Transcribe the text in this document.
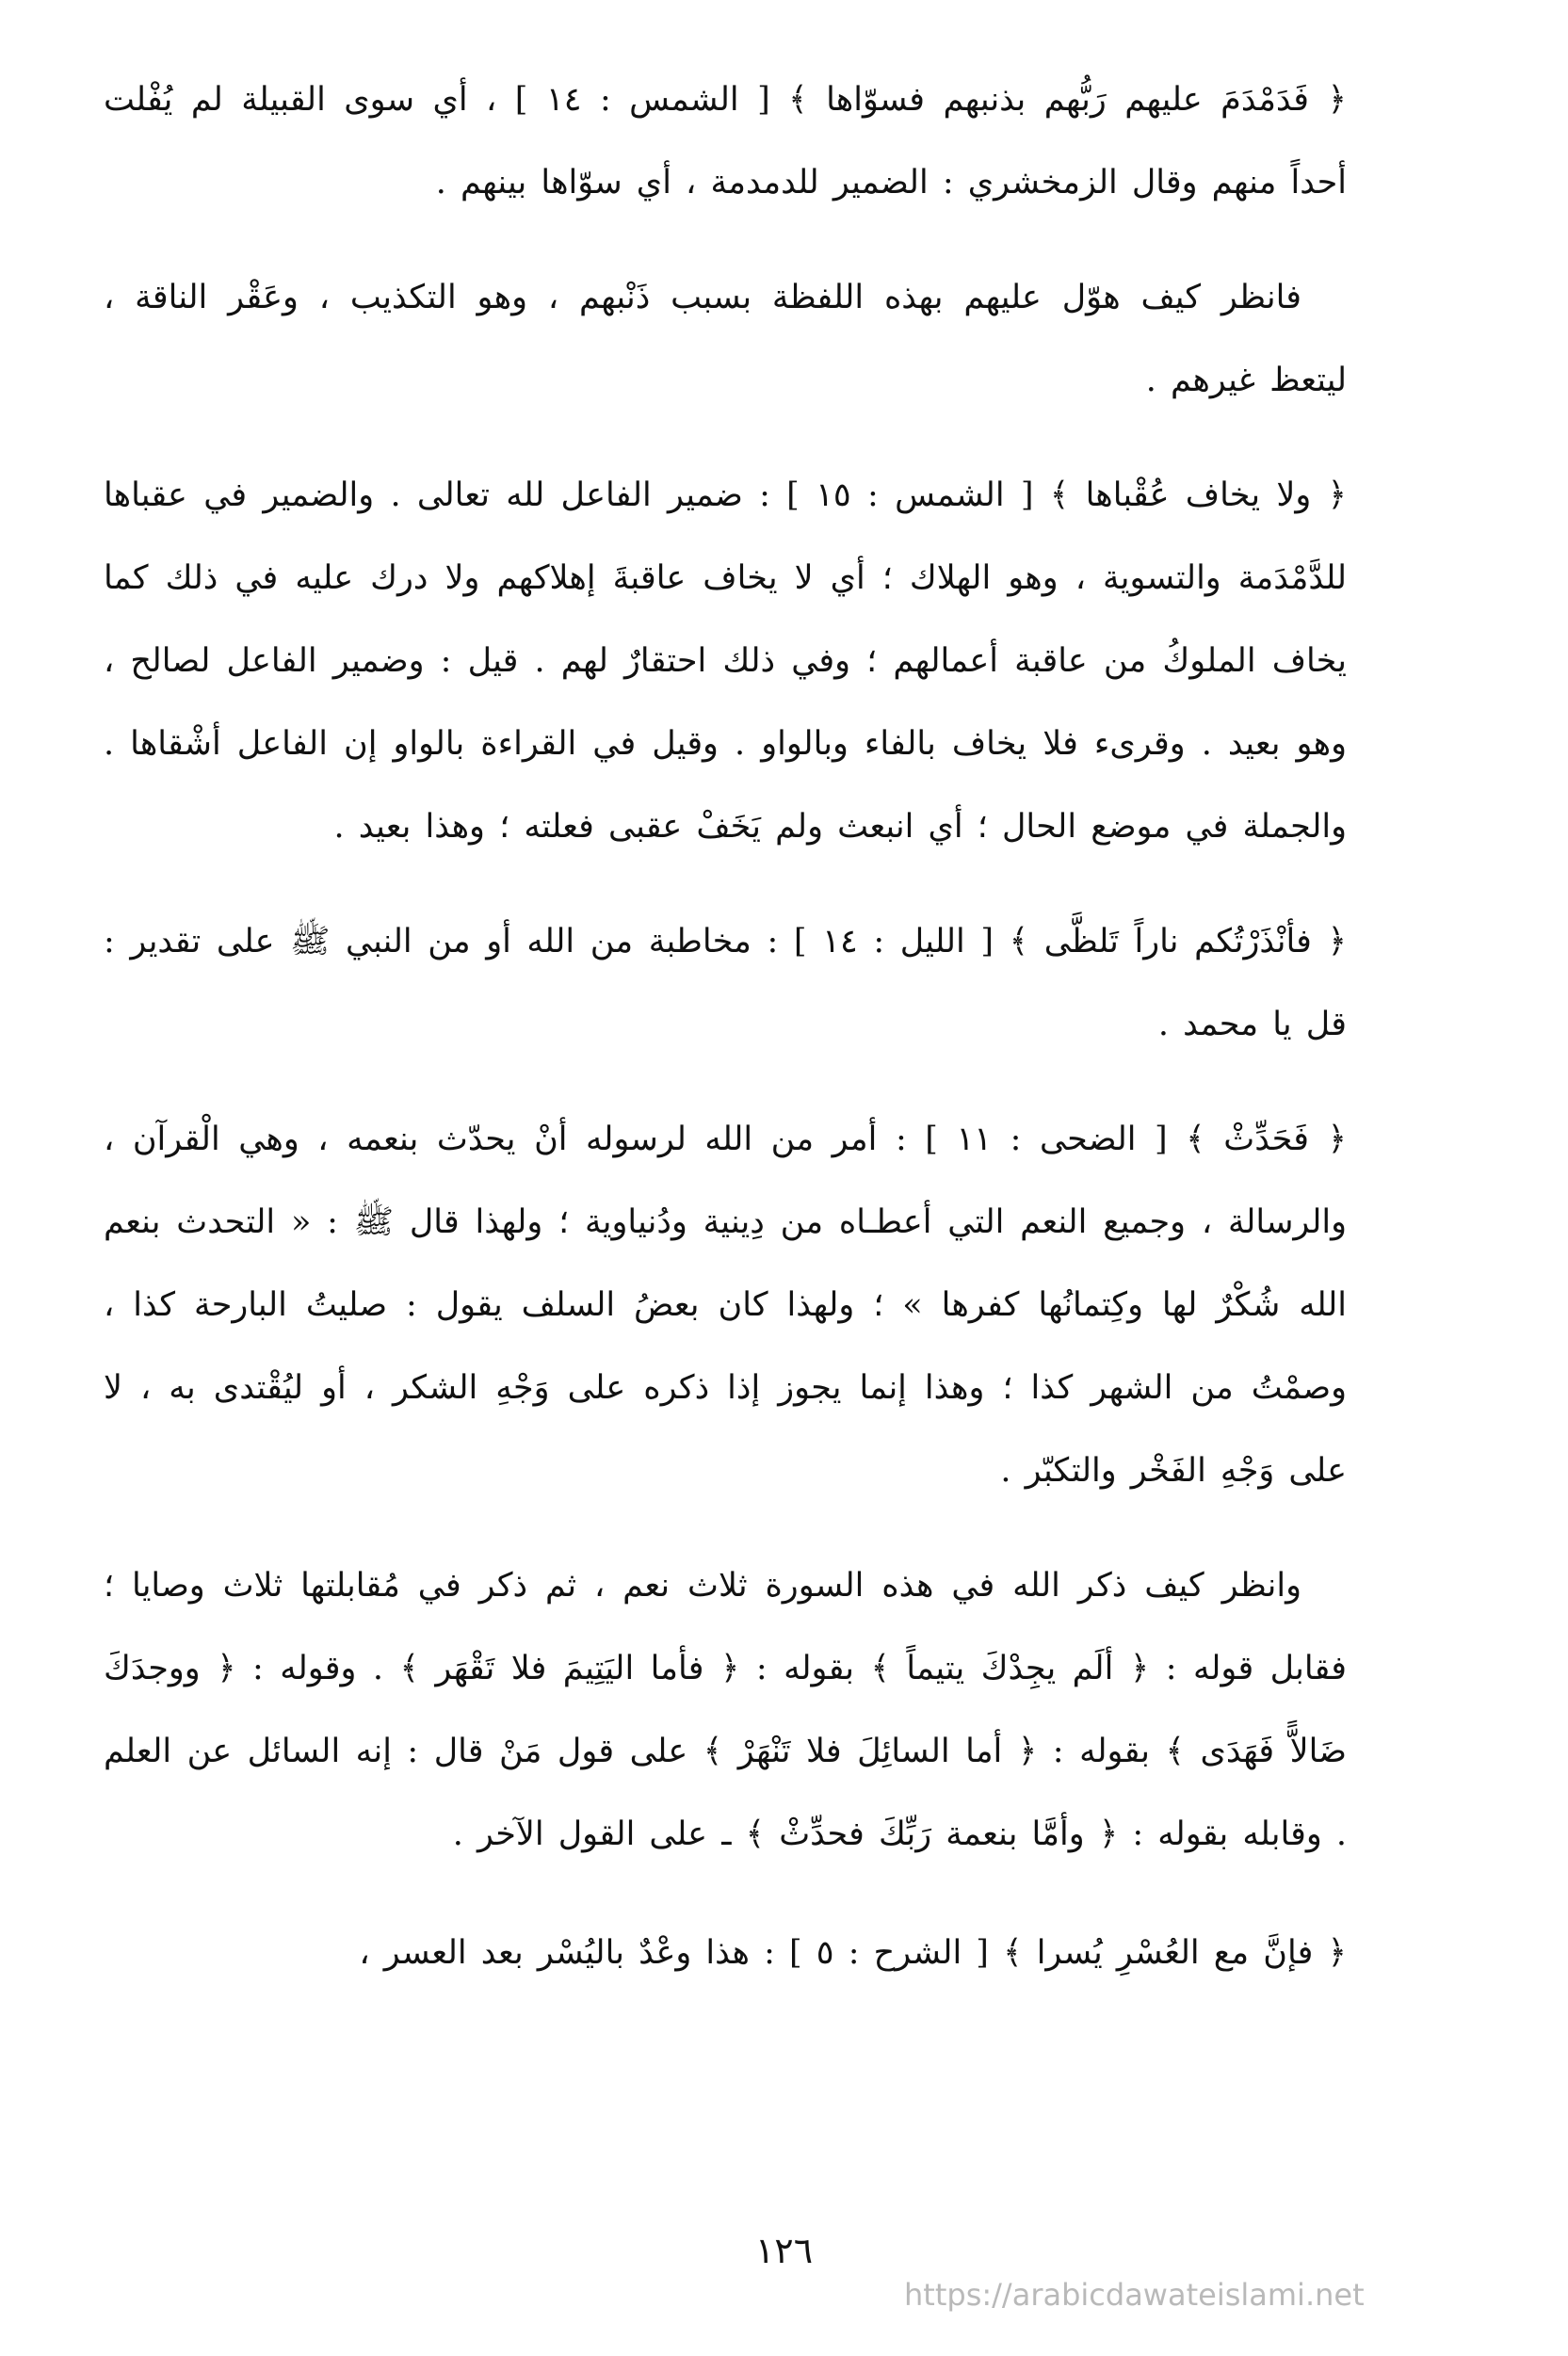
﴿ فَدَمْدَمَ عليهم رَبُّهم بذنبهم فسوّاها ﴾ [ الشمس : ١٤ ] ، أي سوى القبيلة لم يُفْلت أحداً منهم وقال الزمخشري : الضمير للدمدمة ، أي سوّاها بينهم .

فانظر كيف هوّل عليهم بهذه اللفظة بسبب ذَنْبهم ، وهو التكذيب ، وعَقْر الناقة ، ليتعظ غيرهم .

﴿ ولا يخاف عُقْباها ﴾ [ الشمس : ١٥ ] : ضمير الفاعل لله تعالى . والضمير في عقباها للدَّمْدَمة والتسوية ، وهو الهلاك ؛ أي لا يخاف عاقبةَ إهلاكهم ولا درك عليه في ذلك كما يخاف الملوكُ من عاقبة أعمالهم ؛ وفي ذلك احتقارٌ لهم . قيل : وضمير الفاعل لصالح ، وهو بعيد . وقرىء فلا يخاف بالفاء وبالواو . وقيل في القراءة بالواو إن الفاعل أشْقاها . والجملة في موضع الحال ؛ أي انبعث ولم يَخَفْ عقبى فعلته ؛ وهذا بعيد .

﴿ فأنْذَرْتُكم ناراً تَلظَّى ﴾ [ الليل : ١٤ ] : مخاطبة من الله أو من النبي ﷺ على تقدير : قل يا محمد .

﴿ فَحَدِّثْ ﴾ [ الضحى : ١١ ] : أمر من الله لرسوله أنْ يحدّث بنعمه ، وهي الْقرآن ، والرسالة ، وجميع النعم التي أعطـاه من دِينية ودُنياوية ؛ ولهذا قال ﷺ : « التحدث بنعم الله شُكْرٌ لها وكِتمانُها كفرها » ؛ ولهذا كان بعضُ السلف يقول : صليتُ البارحة كذا ، وصمْتُ من الشهر كذا ؛ وهذا إنما يجوز إذا ذكره على وَجْهِ الشكر ، أو ليُقْتدى به ، لا على وَجْهِ الفَخْر والتكبّر .

وانظر كيف ذكر الله في هذه السورة ثلاث نعم ، ثم ذكر في مُقابلتها ثلاث وصايا ؛ فقابل قوله : ﴿ ألَم يجِدْكَ يتيماً ﴾ بقوله : ﴿ فأما اليَتِيمَ فلا تَقْهَر ﴾ . وقوله : ﴿ ووجدَكَ ضَالاًّ فَهَدَى ﴾ بقوله : ﴿ أما السائِلَ فلا تَنْهَرْ ﴾ على قول مَنْ قال : إنه السائل عن العلم . وقابله بقوله : ﴿ وأمَّا بنعمة رَبِّكَ فحدِّثْ ﴾ ـ على القول الآخر .

﴿ فإنَّ مع العُسْرِ يُسرا ﴾ [ الشرح : ٥ ] : هذا وعْدٌ باليُسْر بعد العسر ،

١٢٦
https://arabicdawateislami.net
